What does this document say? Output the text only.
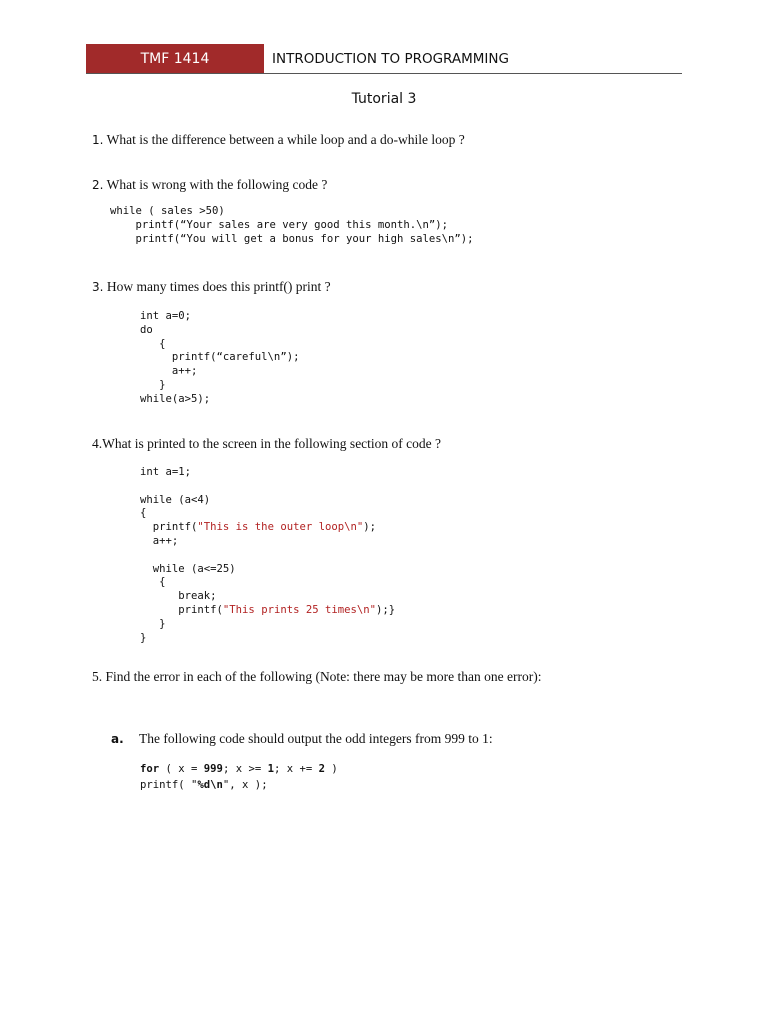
TMF 1414	INTRODUCTION TO PROGRAMMING
Tutorial 3
1. What is the difference between a while loop and a do-while loop ?
2. What is wrong with the following code ?
while ( sales >50)
printf(“Your sales are very good this month.\n”);
printf(“You will get a bonus for your high sales\n”);
3. How many times does this printf() print ?
int a=0;
do
{
printf(“careful\n”);
a++;
}
while(a>5);
4.What is printed to the screen in the following section of code ?
int a=1;
while (a<4)
{
printf("This is the outer loop\n");
a++;
while (a<=25)
{
break;
printf("This prints 25 times\n");}
}
}
5. Find the error in each of the following (Note: there may be more than one error):
a. The following code should output the odd integers from 999 to 1:
for ( x = 999; x >= 1; x += 2 )
printf( "%d\n", x );
